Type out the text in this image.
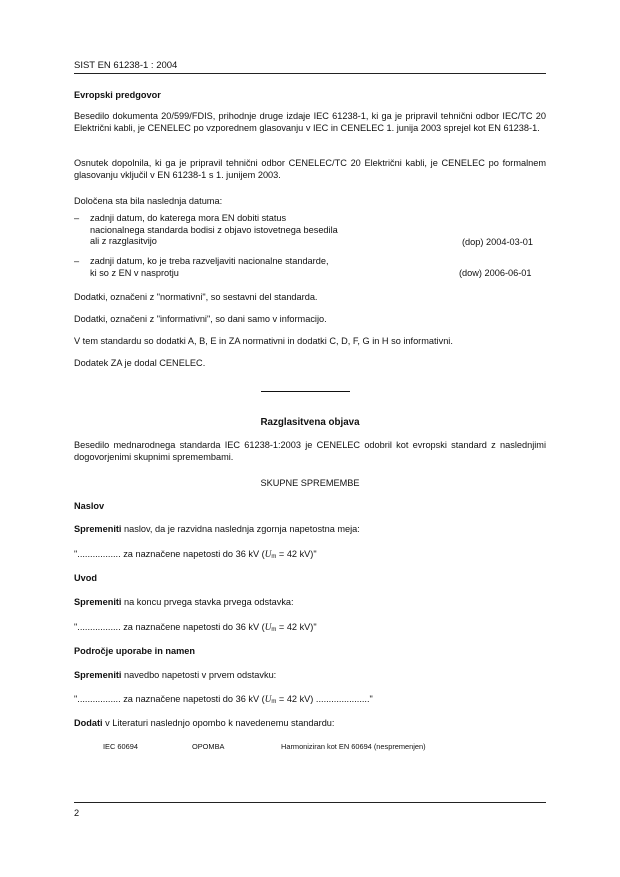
SIST EN 61238-1 : 2004
Evropski predgovor
Besedilo dokumenta 20/599/FDIS, prihodnje druge izdaje IEC 61238-1, ki ga je pripravil tehnični odbor IEC/TC 20 Električni kabli, je CENELEC po vzporednem glasovanju v IEC in CENELEC 1. junija 2003 sprejel kot EN 61238-1.
Osnutek dopolnila, ki ga je pripravil tehnični odbor CENELEC/TC 20 Električni kabli, je CENELEC po formalnem glasovanju vključil v EN 61238-1 s 1. junijem 2003.
Določena sta bila naslednja datuma:
– zadnji datum, do katerega mora EN dobiti status
nacionalnega standarda bodisi z objavo istovetnega besedila
ali z razglasitvijo	(dop) 2004-03-01
– zadnji datum, ko je treba razveljaviti nacionalne standarde,
ki so z EN v nasprotju	(dow) 2006-06-01
Dodatki, označeni z "normativni", so sestavni del standarda.
Dodatki, označeni z "informativni", so dani samo v informacijo.
V tem standardu so dodatki A, B, E in ZA normativni in dodatki C, D, F, G in H so informativni.
Dodatek ZA je dodal CENELEC.
Razglasitvena objava
Besedilo mednarodnega standarda IEC 61238-1:2003 je CENELEC odobril kot evropski standard z naslednjimi dogovorjenimi skupnimi spremembami.
SKUPNE SPREMEMBE
Naslov
Spremeniti naslov, da je razvidna naslednja zgornja napetostna meja:
"................. za naznačene napetosti do 36 kV ($U_m = 42$ kV)"
Uvod
Spremeniti na koncu prvega stavka prvega odstavka:
"................. za naznačene napetosti do 36 kV ($U_m = 42$ kV)"
Področje uporabe in namen
Spremeniti navedbo napetosti v prvem odstavku:
"................. za naznačene napetosti do 36 kV ($U_m = 42$ kV) ....................."
Dodati v Literaturi naslednjo opombo k navedenemu standardu:
IEC 60694	OPOMBA	Harmoniziran kot EN 60694 (nespremenjen)
2
